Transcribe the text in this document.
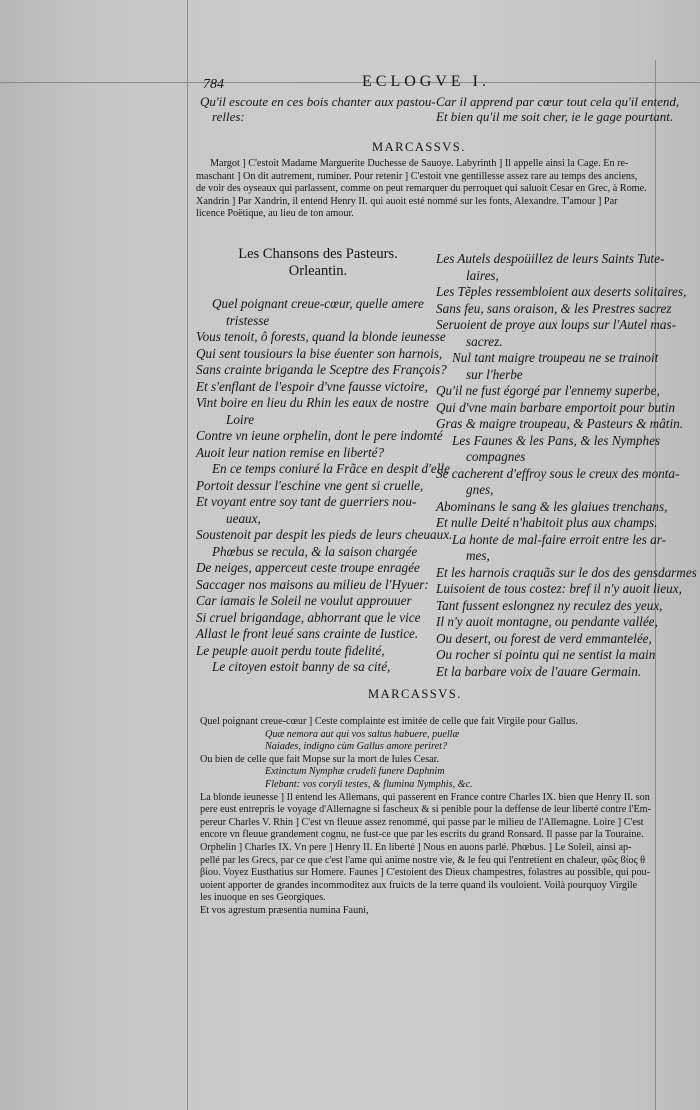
784	ECLOGVE I.
Qu'il escoute en ces bois chanter aux pastou-
relles:
Car il apprend par cœur tout cela qu'il entend,
Et bien qu'il me soit cher, ie le gage pourtant.
MARCASSVS.
Margot ] C'estoit Madame Marguerite Duchesse de Sauoye. Labyrinth ] Il appelle ainsi la Cage. En re-
maschant ] On dit autrement, ruminer. Pour retenir ] C'estoit vne gentillesse assez rare au temps des anciens,
de voir des oyseaux qui parlassent, comme on peut remarquer du perroquet qui saluoit Cesar en Grec, à Rome.
Xandrin ] Par Xandrin, il entend Henry II. qui auoit esté nommé sur les fonts, Alexandre. T'amour ] Par
licence Poëtique, au lieu de ton amour.
Les Chansons des Pasteurs.
Orleantin.
Quel poignant creue-cœur, quelle amere
tristesse
Vous tenoit, ô forests, quand la blonde ieunesse
Qui sent tousiours la bise éuenter son harnois,
Sans crainte briganda le Sceptre des François?
Et s'enflant de l'espoir d'vne fausse victoire,
Vint boire en lieu du Rhin les eaux de nostre
Loire
Contre vn ieune orphelin, dont le pere indomté
Auoit leur nation remise en liberté?
En ce temps coniuré la Frãce en despit d'elle
Portoit dessur l'eschine vne gent si cruelle,
Et voyant entre soy tant de guerriers nou-
ueaux,
Soustenoit par despit les pieds de leurs cheuaux.
Phœbus se recula, & la saison chargée
De neiges, apperceut ceste troupe enragée
Saccager nos maisons au milieu de l'Hyuer:
Car iamais le Soleil ne voulut approuuer
Si cruel brigandage, abhorrant que le vice
Allast le front leué sans crainte de Iustice.
Le peuple auoit perdu toute fidelité,
Le citoyen estoit banny de sa cité,
Les Autels despoüillez de leurs Saints Tute-
laires,
Les Tẽples ressembloient aux deserts solitaires,
Sans feu, sans oraison, & les Prestres sacrez
Seruoient de proye aux loups sur l'Autel mas-
sacrez.
Nul tant maigre troupeau ne se trainoit
sur l'herbe
Qu'il ne fust égorgé par l'ennemy superbe,
Qui d'vne main barbare emportoit pour butin
Gras & maigre troupeau, & Pasteurs & mâtin.
Les Faunes & les Pans, & les Nymphes
compagnes
Se cacherent d'effroy sous le creux des monta-
gnes,
Abominans le sang & les glaiues trenchans,
Et nulle Deité n'habitoit plus aux champs.
La honte de mal-faire erroit entre les ar-
mes,
Et les harnois craquãs sur le dos des gensdarmes
Luisoient de tous costez: bref il n'y auoit lieux,
Tant fussent eslongnez ny reculez des yeux,
Il n'y auoit montagne, ou pendante vallée,
Ou desert, ou forest de verd emmantelée,
Ou rocher si pointu qui ne sentist la main
Et la barbare voix de l'auare Germain.
MARCASSVS.
Quel poignant creue-cœur ] Ceste complainte est imitée de celle que fait Virgile pour Gallus.
Quæ nemora aut qui vos saltus habuere, puellæ
Naiades, indigno cùm Gallus amore periret?
Ou bien de celle que fait Mopse sur la mort de Iules Cesar.
Extinctum Nymphæ crudeli funere Daphnim
Flebant: vos coryli testes, & flumina Nymphis, &c.
La blonde ieunesse ] Il entend les Allemans, qui passerent en France contre Charles IX. bien que Henry II. son
pere eust entrepris le voyage d'Allemagne si fascheux & si penible pour la deffense de leur liberté contre l'Em-
pereur Charles V. Rhin ] C'est vn fleuue assez renommé, qui passe par le milieu de l'Allemagne. Loire ] C'est
encore vn fleuue grandement cognu, ne fust-ce que par les escrits du grand Ronsard. Il passe par la Touraine.
Orphelin ] Charles IX. Vn pere ] Henry II. En liberté ] Nous en auons parlé. Phœbus. ] Le Soleil, ainsi ap-
pellé par les Grecs, par ce que c'est l'ame qui anime nostre vie, & le feu qui l'entretient en chaleur, φῶς ϐίος θ
βίου. Voyez Eusthatius sur Homere. Faunes ] C'estoient des Dieux champestres, folastres au possible, qui pou-
uoient apporter de grandes incommoditez aux fruicts de la terre quand ils vouloient. Voilà pourquoy Virgile
les inuoque en ses Georgiques.
Et vos agrestum præsentia numina Fauni,
